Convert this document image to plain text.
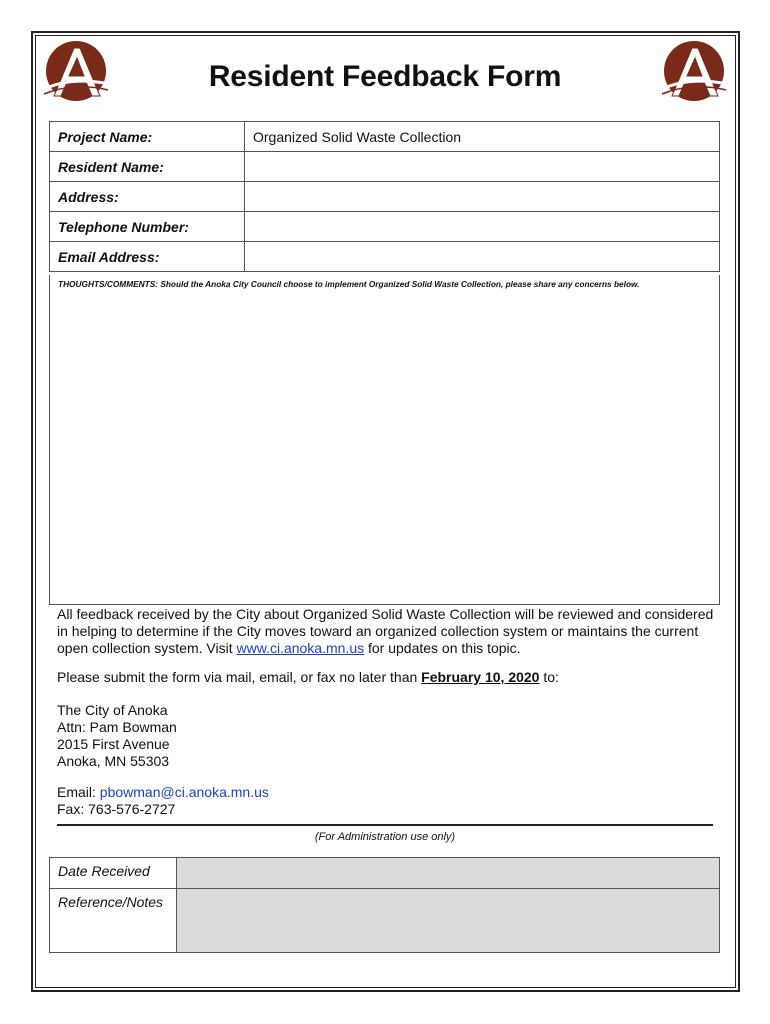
Resident Feedback Form
Project Name:	Organized Solid Waste Collection
Resident Name:	
Address:	
Telephone Number:	
Email Address:	
THOUGHTS/COMMENTS: Should the Anoka City Council choose to implement Organized Solid Waste Collection, please share any concerns below.
All feedback received by the City about Organized Solid Waste Collection will be reviewed and considered in helping to determine if the City moves toward an organized collection system or maintains the current open collection system. Visit www.ci.anoka.mn.us for updates on this topic.
Please submit the form via mail, email, or fax no later than February 10, 2020 to:
The City of Anoka
Attn: Pam Bowman
2015 First Avenue
Anoka, MN 55303
Email: pbowman@ci.anoka.mn.us
Fax: 763-576-2727
(For Administration use only)
Date Received	
Reference/Notes	
